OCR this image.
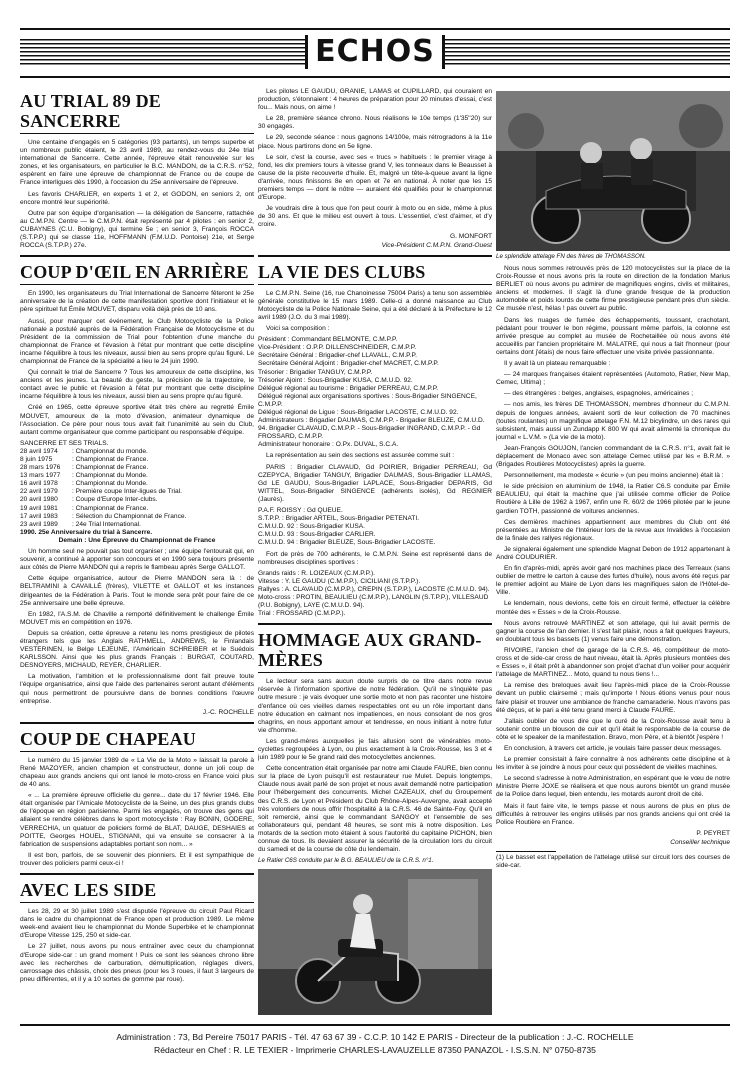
ECHOS
AU TRIAL 89 DE SANCERRE

Une centaine d'engagés en 5 catégories (93 partants), un temps superbe et un nombreux public étaient, le 23 avril 1989, au rendez-vous du 24e trial international de Sancerre. Cette année, l'épreuve était renouvelée sur les zones, et les organisateurs, en particulier le B.C. MANDON, de la C.R.S. n°52, espèrent en faire une épreuve de championnat de France ou de coupe de France interligues dès 1990, à l'occasion du 25e anniversaire de l'épreuve.

Les favoris CHARLIER, en experts 1 et 2, et GODON, en seniors 2, ont encore montré leur supériorité.

Outre par son équipe d'organisation — la délégation de Sancerre, rattachée au C.M.P.N. Centre — le C.M.P.N. était représenté par 4 pilotes : en senior 2, CUBAYNES (C.U. Bobigny), qui termine 5e ; en senior 3, François ROCCA (S.T.P.P.) qui se classe 11e, HOFFMANN (F.M.U.D. Pontoise) 21e, et Serge ROCCA (S.T.P.P.) 27e.

COUP D'ŒIL EN ARRIÈRE

En 1990, les organisateurs du Trial International de Sancerre fêteront le 25e anniversaire de la création de cette manifestation sportive dont l'initiateur et le père spirituel fut Émile MOUVET, disparu voilà déjà près de 10 ans.

Aussi, pour marquer cet événement, le Club Motocycliste de la Police nationale a postulé auprès de la Fédération Française de Motocyclisme et du Président de la commission de Trial pour l'obtention d'une manche du championnat de France et l'évasion à l'état pur montrant que cette discipline incarne l'équilibre à tous les niveaux, aussi bien au sens propre qu'au figuré. Le championnat de France de la spécialité a lieu le 24 juin 1990.

Qui connaît le trial de Sancerre ? Tous les amoureux de cette discipline, les anciens et les jeunes. La beauté du geste, la précision de la trajectoire, le contact avec le public et l'évasion à l'état pur montrant que cette discipline incarne l'équilibre à tous les niveaux, aussi bien au sens propre qu'au figuré.

Créé en 1965, cette épreuve sportive était très chère au regretté Émile MOUVET, amoureux de la moto d'évasion, animateur dynamique de l'Association. Ce père pour nous tous avait fait l'unanimité au sein du Club, autant comme organisateur que comme participant ou responsable d'équipe.

SANCERRE ET SES TRIALS.
28 avril 1974	: Championnat du monde.
8 juin 1975	: Championnat de France.
28 mars 1976	: Championnat de France.
13 mars 1977	: Championnat du Monde.
16 avril 1978	: Championnat du Monde.
22 avril 1979	: Première coupe Inter-ligues de Trial.
20 avril 1980	: Coupe d'Europe Inter-clubs.
19 avril 1981	: Championnat de France.
17 avril 1983	: Sélection du Championnat de France.
23 avril 1989	: 24e Trial International.
1990. 25e Anniversaire du trial à Sancerre.
Demain : Une Épreuve du Championnat de France

Un homme seul ne pouvait pas tout organiser ; une équipe l'entourait qui, en souvenir, a continué à apporter son concours et en 1990 sera toujours présente aux côtés de Pierre MANDON qui a repris le flambeau après Serge GALLOT.

Cette équipe organisatrice, autour de Pierre MANDON sera là : de BELTRAMINI à CAVAILLÉ (frères), VILETTE et GALLOT et les instances dirigeantes de la Fédération à Paris. Tout le monde sera prêt pour faire de ce 25e anniversaire une belle épreuve.

En 1982, l'A.S.M. de Chaville a remporté définitivement le challenge Émile MOUVET mis en compétition en 1976.

Depuis sa création, cette épreuve a retenu les noms prestigieux de pilotes étrangers tels que les Anglais RATHMELL, ANDREWS, le Finlandais VESTERINEN, le Belge LEJEUNE, l'Américain SCHREIBER et le Suédois KARLSSON. Ainsi que les plus grands Français : BURGAT, COUTARD, DESNOYERS, MICHAUD, REYER, CHARLIER.

La motivation, l'ambition et le professionnalisme dont fait preuve toute l'équipe organisatrice, ainsi que l'aide des partenaires seront autant d'éléments qui nous permettront de poursuivre dans de bonnes conditions l'œuvre entreprise.

J.-C. ROCHELLE
COUP DE CHAPEAU

Le numéro du 15 janvier 1989 de « La Vie de la Moto » laissait la parole à René MAZOYER, ancien champion et constructeur, donne un joli coup de chapeau aux grands anciens qui ont lancé le moto-cross en France voici plus de 40 ans.

« ... La première épreuve officielle du genre... date du 17 février 1946. Elle était organisée par l'Amicale Motocycliste de la Seine, un des plus grands clubs de l'époque en région parisienne. Parmi les engagés, on trouve des gens qui allaient se rendre célèbres dans le sport motocycliste : Ray BONIN, GODERE, VERRECHIA, un quatuor de policiers formé de BLAT, DAUGE, DESHAIES et POITTE, Georges HOUEL, STIGNANI, qui va ensuite se consacrer à la fabrication de suspensions adaptables portant son nom... »

Il est bon, parfois, de se souvenir des pionniers. Et il est sympathique de trouver des policiers parmi ceux-ci !

AVEC LES SIDE

Les 28, 29 et 30 juillet 1989 s'est disputée l'épreuve du circuit Paul Ricard dans le cadre du championnat de France open et production 1989. Le même week-end avaient lieu le championnat du Monde Superbike et le championnat d'Europe Vitesse 125, 250 et side-car.

Le 27 juillet, nous avons pu nous entraîner avec ceux du championnat d'Europe side-car : un grand moment ! Puis ce sont les séances chrono libre avec les recherches de carburation, démultiplication, réglages divers, carrossage des châssis, choix des pneus (pour les 3 roues, il faut 3 largeurs de pneu différentes, et il y a 10 sortes de gomme par roue).

Les pilotes LE GAUDU, GRANIÉ, LAMAS et CUPILLARD, qui couraient en production, s'étonnaient : 4 heures de préparation pour 20 minutes d'essai, c'est fou... Mais nous, on aime !

Le 28, première séance chrono. Nous réalisons le 10e temps (1'35''20) sur 30 engagés.

Le 29, seconde séance : nous gagnons 14/100e, mais rétrogradons à la 11e place. Nous partirons donc en 5e ligne.

Le soir, c'est la course, avec ses « trucs » habituels : le premier virage à fond, les dix premiers tours à vitesse grand V, les tonneaux dans le Beausset à cause de la piste recouverte d'huile. Et, malgré un tête-à-queue avant la ligne d'arrivée, nous finissons 8e en open et 7e en national. À noter que les 15 premiers temps — dont le nôtre — auraient été qualifiés pour le championnat d'Europe.

Je voudrais dire à tous que l'on peut courir à moto ou en side, même à plus de 30 ans. Et que le milieu est ouvert à tous. L'essentiel, c'est d'aimer, et d'y croire.

G. MONFORT
Vice-Président C.M.P.N. Grand-Ouest
LA VIE DES CLUBS

Le C.M.P.N. Seine (16, rue Chanoinesse 75004 Paris) a tenu son assemblée générale constitutive le 15 mars 1989. Celle-ci a donné naissance au Club Motocycliste de la Police Nationale Seine, qui a été déclaré à la Préfecture le 12 avril 1989 (J.O. du 3 mai 1989).

Voici sa composition :

Président : Commandant BELMONTE, C.M.P.P.
Vice-Président : O.P.P. DILLENSCHNEIDER, C.M.P.P.
Secrétaire Général : Brigadier-chef LLAVALL, C.M.P.P.
Secrétaire Général Adjoint : Brigadier-chef MACRET, C.M.P.P.
Trésorier : Brigadier TANGUY, C.M.P.P.
Trésorier Ajoint : Sous-Brigadier KUSA, C.M.U.D. 92.
Délégué régional au tourisme : Brigadier PERREAU, C.M.P.P.
Délégué régional aux organisations sportives : Sous-Brigadier SINGENCE, C.M.P.P.
Délégué régional de Ligue : Sous-Brigadier LACOSTE, C.M.U.D. 92.
Administrateurs : Brigadier DAUMAS, C.M.P.P. - Brigadier BLEUZE, C.M.U.D. 94. Brigadier CLAVAUD, C.M.P.P. - Sous-Brigadier INGRAND, C.M.P.P. - Gd FROSSARD, C.M.P.P.
Administrateur honoraire : O.Px. DUVAL, S.C.A.

La représentation au sein des sections est assurée comme suit :

PARIS : Brigadier CLAVAUD, Gd POIRIER, Brigadier PERREAU, Gd CZEPYCA, Brigadier TANGUY, Brigadier DAUMAS, Sous-Brigadier LLAMAS, Gd LE GAUDU, Sous-Brigadier LAPLACE, Sous-Brigadier DEPARIS, Gd WITTEL, Sous-Brigadier SINGENCE (adhérents isolés), Gd REGNIER (Jaurès).

P.A.F. ROISSY : Gd QUEUE.
S.T.P.P. : Brigadier ARTEIL, Sous-Brigadier PETENATI.
C.M.U.D. 92 : Sous-Brigadier KUSA.
C.M.U.D. 93 : Sous-Brigadier CARLIER.
C.M.U.D. 94 : Brigadier BLEUZE, Sous-Brigadier LACOSTE.

Fort de près de 700 adhérents, le C.M.P.N. Seine est représenté dans de nombreuses disciplines sportives :

Grands raids : R. LOIZEAUX (C.M.P.P.).
Vitesse : Y. LE GAUDU (C.M.P.P.), CICILIANI (S.T.P.P.).
Rallyes : A. CLAVAUD (C.M.P.P.), CREPIN (S.T.P.P.), LACOSTE (C.M.U.D. 94).
Moto-cross : PROTIN, BEAULIEU (C.M.P.P.), LANGLIN (S.T.P.P.), VILLESAUD (P.U. Bobigny), LAYE (C.M.U.D. 94).
Trial : FROSSARD (C.M.P.P.).
HOMMAGE AUX GRAND-MÈRES

Le lecteur sera sans aucun doute surpris de ce titre dans notre revue réservée à l'information sportive de notre fédération. Qu'il ne s'inquiète pas outre mesure : je vais évoquer une sortie moto et non pas raconter une histoire d'enfance où ces vieilles dames respectables ont eu un rôle important dans notre éducation en calmant nos impatiences, en nous consolant de nos gros chagrins, en nous apportant amour et tendresse, en nous initiant à notre futur vie d'homme.

Les grand-mères auxquelles je fais allusion sont de vénérables moto-cyclettes regroupées à Lyon, ou plus exactement à la Croix-Rousse, les 3 et 4 juin 1989 pour le 5e grand raid des motocyclettes anciennes.

Cette concentration était organisée par notre ami Claude FAURE, bien connu sur la place de Lyon puisqu'il est restaurateur rue Mulet. Depuis longtemps, Claude nous avait parlé de son projet et nous avait demandé notre participation pour l'hébergement des concurrents. Michel CAZEAUX, chef du Groupement des C.R.S. de Lyon et Président du Club Rhône-Alpes-Auvergne, avait accepté très volontiers de nous offrir l'hospitalité à la C.R.S. 46 de Sainte-Foy. Qu'il en soit remercié, ainsi que le commandant SANGOY et l'ensemble de ses collaborateurs qui, pendant 48 heures, se sont mis à notre disposition. Les motards de la section moto étaient à sous l'autorité du capitaine PICHON, bien connue de tous. Ils devaient assurer la sécurité de la circulation lors du circuit du samedi et de la course de côte du lendemain.

Le Ratier C6S conduite par le B.G. BEAULIEU de la C.R.S. n°1.
Le splendide attelage FN des frères de THOMASSON.

Nous nous sommes retrouvés près de 120 motocyclistes sur la place de la Croix-Rousse et nous avons pris la route en direction de la fondation Marius BERLIET où nous avons pu admirer de magnifiques engins, civils et militaires, anciens et modernes. Il s'agit là d'une grande fresque de la production automobile et poids lourds de cette firme prestigieuse pendant près d'un siècle. Ce musée n'est, hélas ! pas ouvert au public.

Dans les nuages de fumée des échappements, toussant, crachotant, pédalant pour trouver le bon régime, poussant même parfois, la colonne est arrivée presque au complet au musée de Rochetaillée où nous avons été accueillis par l'ancien propriétaire M. MALATRE, qui nous a fait l'honneur (pour certains dont j'étais) de nous faire effectuer une visite privée passionnante.

Il y avait là un plateau remarquable :

— 24 marques françaises étaient représentées (Automoto, Ratier, New Map, Cemec, Ultima) ;

— des étrangères : belges, anglaises, espagnoles, américaines ;

— nos amis, les frères DE THOMASSON, membres d'honneur du C.M.P.N. depuis de longues années, avaient sorti de leur collection de 70 machines (toutes roulantes) un magnifique attelage F.N. M.12 bicylindre, un des rares qui subsistent, mais aussi un Zundapp K 800 W qui avait alimenté la chronique du journal « L.V.M. » (La vie de la moto).

Jean-François GOUJON, l'ancien commandant de la C.R.S. n°1, avait fait le déplacement de Monaco avec son attelage Cemec utilisé par les « B.R.M. » (Brigades Routières Motocyclistes) après la guerre.

Personnellement, ma modeste « écurie » (un peu moins ancienne) était là :

le side précision en aluminium de 1948, la Ratier C6.S conduite par Émile BEAULIEU, qui était la machine que j'ai utilisée comme officier de Police Routière à Lille de 1962 à 1967, enfin une R. 60/2 de 1966 pilotée par le jeune gardien TOTH, passionné de voitures anciennes.

Ces dernières machines appartiennent aux membres du Club ont été présentées au Ministre de l'Intérieur lors de la revue aux Invalides à l'occasion de la finale des rallyes régionaux.

Je signalerai également une splendide Magnat Debon de 1912 appartenant à André COUDURIER.

En fin d'après-midi, après avoir garé nos machines place des Terreaux (sans oublier de mettre le carton à cause des furtes d'huile), nous avons été reçus par le premier adjoint au Maire de Lyon dans les magnifiques salon de l'Hôtel-de-Ville.

Le lendemain, nous devions, cette fois en circuit fermé, effectuer la célèbre montée des « Esses » de la Croix-Rousse.

Nous avons retrouvé MARTINEZ et son attelage, qui lui avait permis de gagner la course de l'an dernier. Il s'est fait plaisir, nous a fait quelques frayeurs, en doublant tous les bassets (1) venus faire une démonstration.

RIVOIRE, l'ancien chef de garage de la C.R.S. 46, compétiteur de moto-cross et de side-car cross de haut niveau, était là. Après plusieurs montées des « Esses », il était prêt à abandonner son projet d'achat d'un voilier pour acquérir l'attelage de MARTINEZ... Moto, quand tu nous tiens !...

La remise des breloques avait lieu l'après-midi place de la Croix-Rousse devant un public clairsemé ; mais qu'importe ! Nous étions venus pour nous faire plaisir et trouver une ambiance de franche camaraderie. Nous n'avons pas été déçus, et le pari a été tenu grand merci à Claude FAURE.

J'allais oublier de vous dire que le curé de la Croix-Rousse avait tenu à soutenir contre un blouson de cuir et qu'il était le responsable de la course de côte et le speaker de la manifestation. Bravo, mon Père, et à bientôt j'espère !

En conclusion, à travers cet article, je voulais faire passer deux messages.

Le premier consistait à faire connaître à nos adhérents cette discipline et à les inviter à se joindre à nous pour ceux qui possèdent de vieilles machines.

Le second s'adresse à notre Administration, en espérant que le vœu de notre Ministre Pierre JOXE se réalisera et que nous aurons bientôt un grand musée de la Police dans lequel, bien entendu, les motards auront droit de cité.

Mais il faut faire vite, le temps passe et nous aurons de plus en plus de difficultés à retrouver les engins utilisés par nos grands anciens qui ont créé la Police Routière en France.

P. PEYRET
Conseiller technique

(1) Le basset est l'appellation de l'attelage utilisé sur circuit lors des courses de side-car.

Administration : 73, Bd Pereire 75017 PARIS - Tél. 47 63 67 39 - C.C.P. 10 142 E PARIS - Directeur de la publication : J.-C. ROCHELLE
Rédacteur en Chef : R. LE TEXIER - Imprimerie CHARLES-LAVAUZELLE 87350 PANAZOL - I.S.S.N. N° 0750-8735
